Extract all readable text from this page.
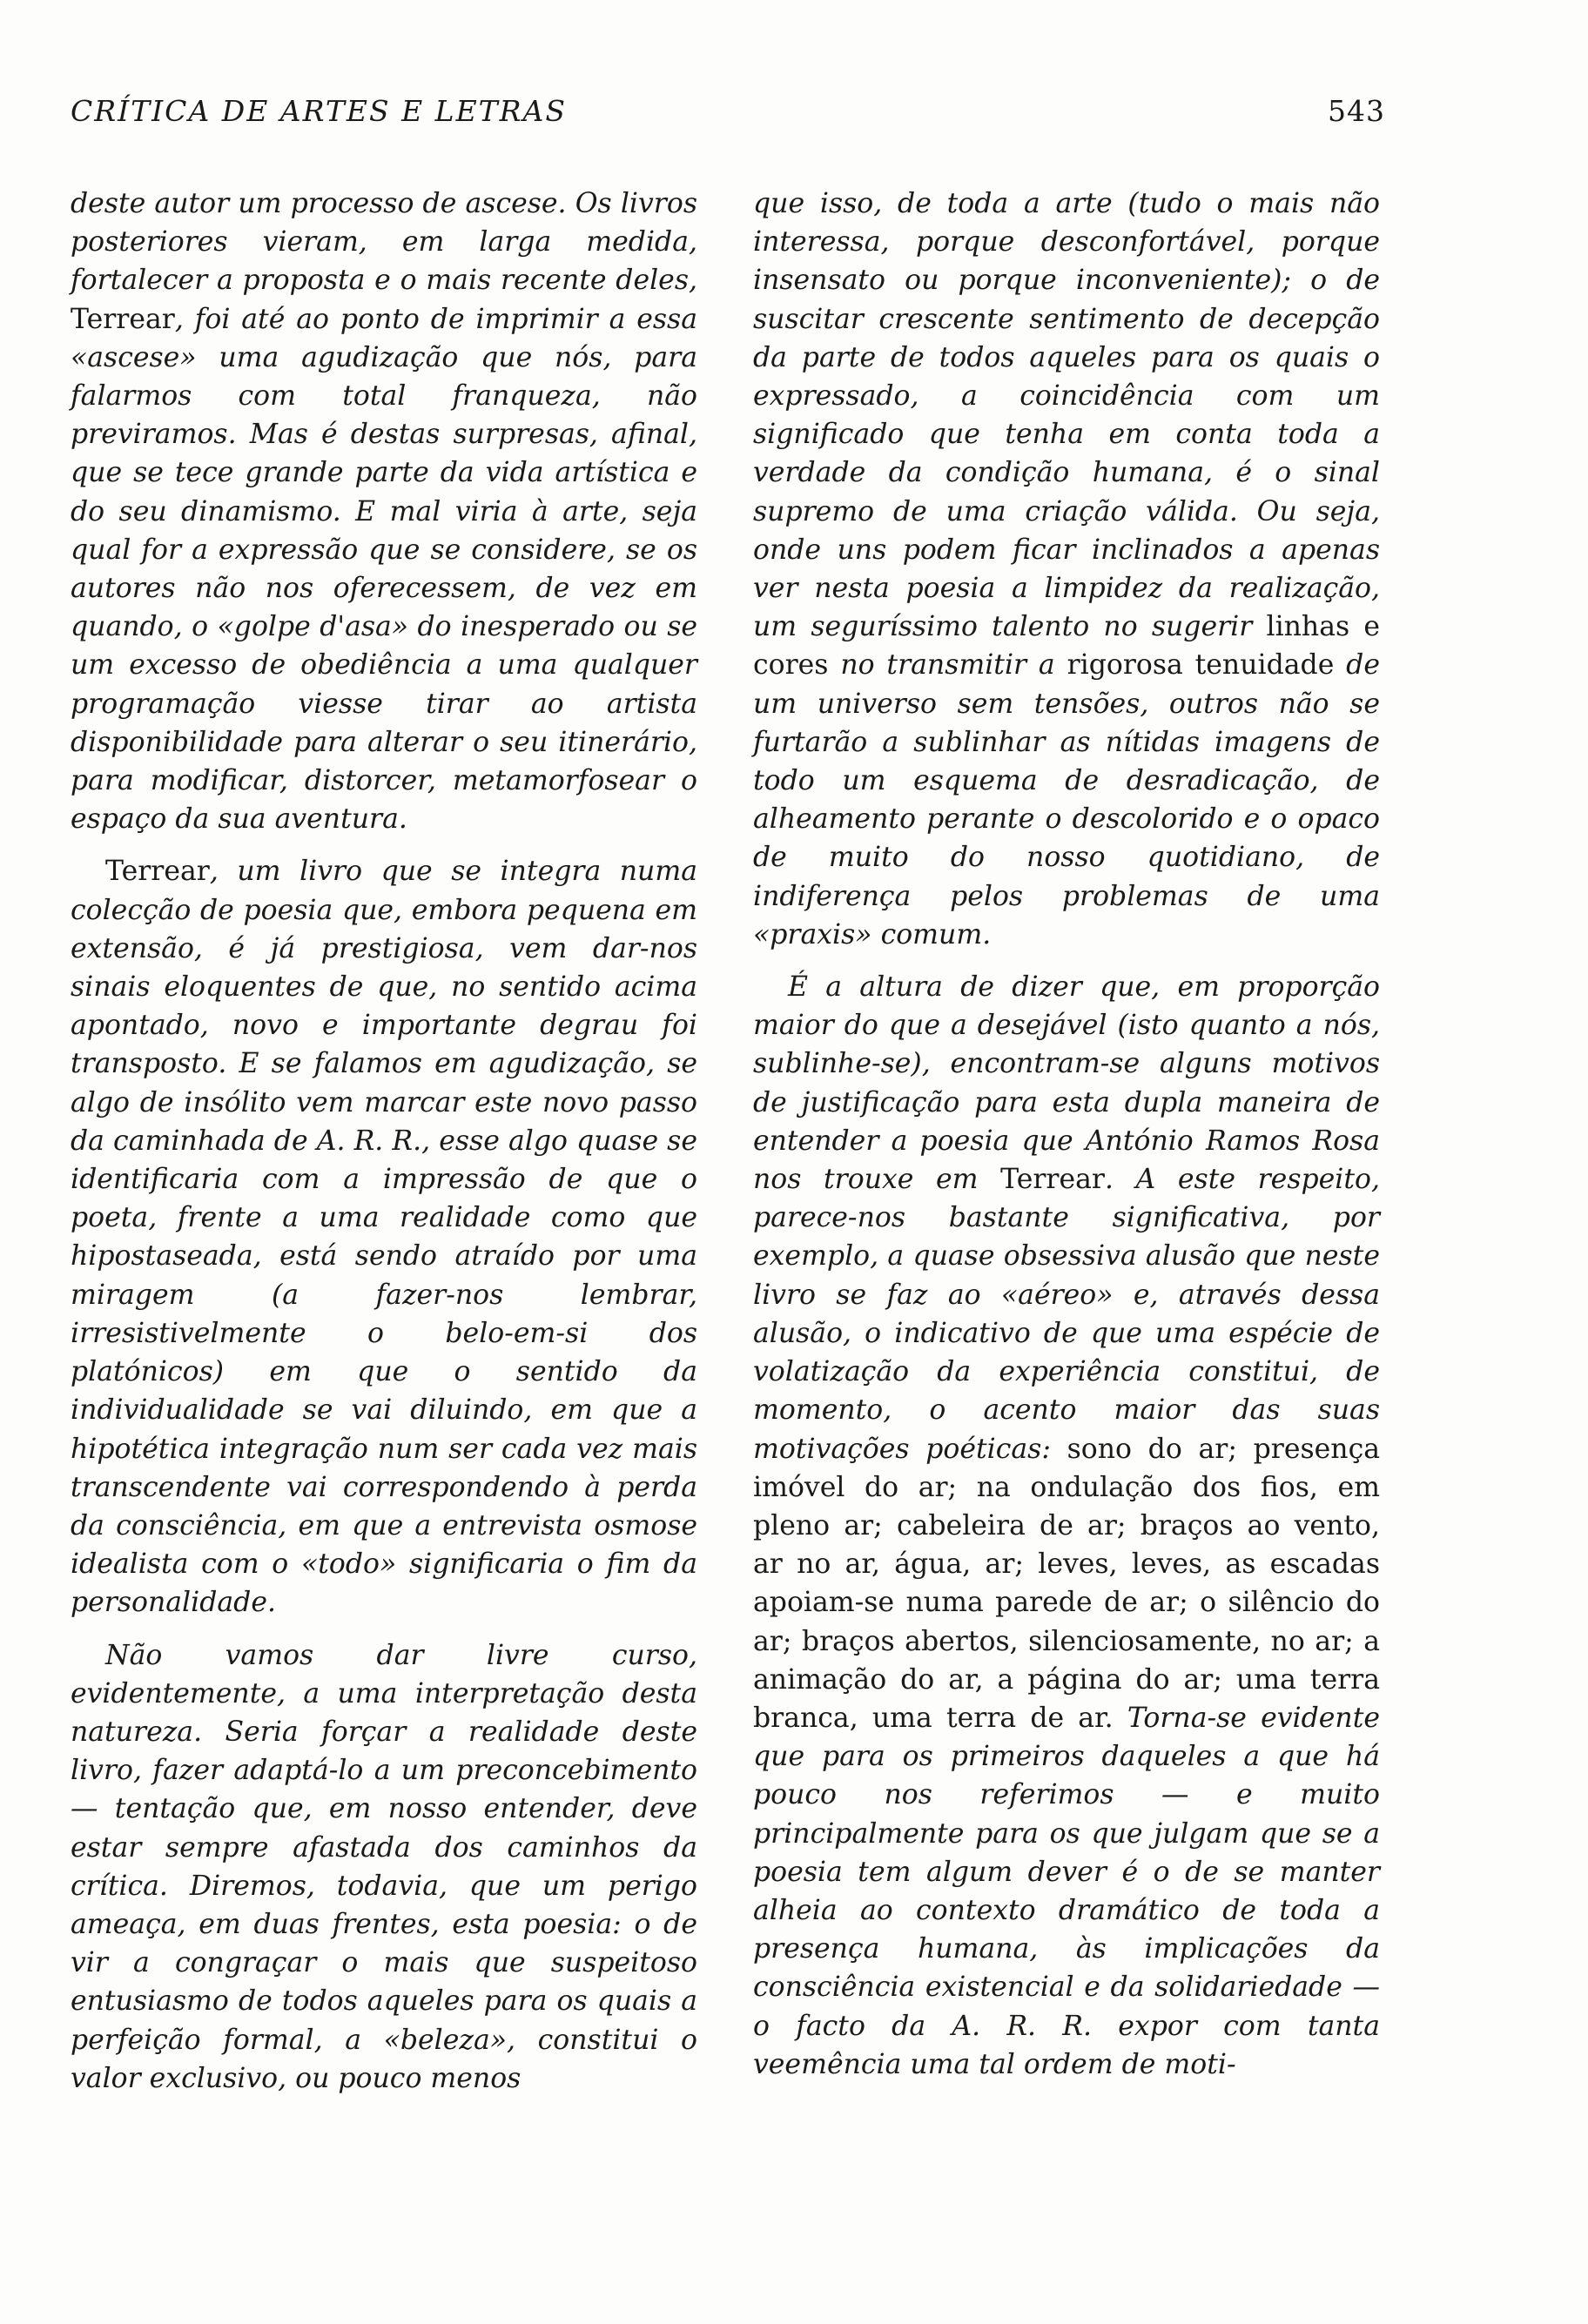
CRÍTICA DE ARTES E LETRAS	543

deste autor um processo de ascese. Os livros posteriores vieram, em larga medida, fortalecer a proposta e o mais recente deles, Terrear, foi até ao ponto de imprimir a essa «ascese» uma agudização que nós, para falarmos com total franqueza, não previramos. Mas é destas surpresas, afinal, que se tece grande parte da vida artística e do seu dinamismo. E mal viria à arte, seja qual for a expressão que se considere, se os autores não nos oferecessem, de vez em quando, o «golpe d'asa» do inesperado ou se um excesso de obediência a uma qualquer programação viesse tirar ao artista disponibilidade para alterar o seu itinerário, para modificar, distorcer, metamorfosear o espaço da sua aventura.

Terrear, um livro que se integra numa colecção de poesia que, embora pequena em extensão, é já prestigiosa, vem dar-nos sinais eloquentes de que, no sentido acima apontado, novo e importante degrau foi transposto. E se falamos em agudização, se algo de insólito vem marcar este novo passo da caminhada de A. R. R., esse algo quase se identificaria com a impressão de que o poeta, frente a uma realidade como que hipostaseada, está sendo atraído por uma miragem (a fazer-nos lembrar, irresistivelmente o belo-em-si dos platónicos) em que o sentido da individualidade se vai diluindo, em que a hipotética integração num ser cada vez mais transcendente vai correspondendo à perda da consciência, em que a entrevista osmose idealista com o «todo» significaria o fim da personalidade.

Não vamos dar livre curso, evidentemente, a uma interpretação desta natureza. Seria forçar a realidade deste livro, fazer adaptá-lo a um preconcebimento — tentação que, em nosso entender, deve estar sempre afastada dos caminhos da crítica. Diremos, todavia, que um perigo ameaça, em duas frentes, esta poesia: o de vir a congraçar o mais que suspeitoso entusiasmo de todos aqueles para os quais a perfeição formal, a «beleza», constitui o valor exclusivo, ou pouco menos

que isso, de toda a arte (tudo o mais não interessa, porque desconfortável, porque insensato ou porque inconveniente); o de suscitar crescente sentimento de decepção da parte de todos aqueles para os quais o expressado, a coincidência com um significado que tenha em conta toda a verdade da condição humana, é o sinal supremo de uma criação válida. Ou seja, onde uns podem ficar inclinados a apenas ver nesta poesia a limpidez da realização, um seguríssimo talento no sugerir linhas e cores no transmitir a rigorosa tenuidade de um universo sem tensões, outros não se furtarão a sublinhar as nítidas imagens de todo um esquema de desradicação, de alheamento perante o descolorido e o opaco de muito do nosso quotidiano, de indiferença pelos problemas de uma «praxis» comum.

É a altura de dizer que, em proporção maior do que a desejável (isto quanto a nós, sublinhe-se), encontram-se alguns motivos de justificação para esta dupla maneira de entender a poesia que António Ramos Rosa nos trouxe em Terrear. A este respeito, parece-nos bastante significativa, por exemplo, a quase obsessiva alusão que neste livro se faz ao «aéreo» e, através dessa alusão, o indicativo de que uma espécie de volatização da experiência constitui, de momento, o acento maior das suas motivações poéticas: sono do ar; presença imóvel do ar; na ondulação dos fios, em pleno ar; cabeleira de ar; braços ao vento, ar no ar, água, ar; leves, leves, as escadas apoiam-se numa parede de ar; o silêncio do ar; braços abertos, silenciosamente, no ar; a animação do ar, a página do ar; uma terra branca, uma terra de ar. Torna-se evidente que para os primeiros daqueles a que há pouco nos referimos — e muito principalmente para os que julgam que se a poesia tem algum dever é o de se manter alheia ao contexto dramático de toda a presença humana, às implicações da consciência existencial e da solidariedade — o facto da A. R. R. expor com tanta veemência uma tal ordem de moti-
